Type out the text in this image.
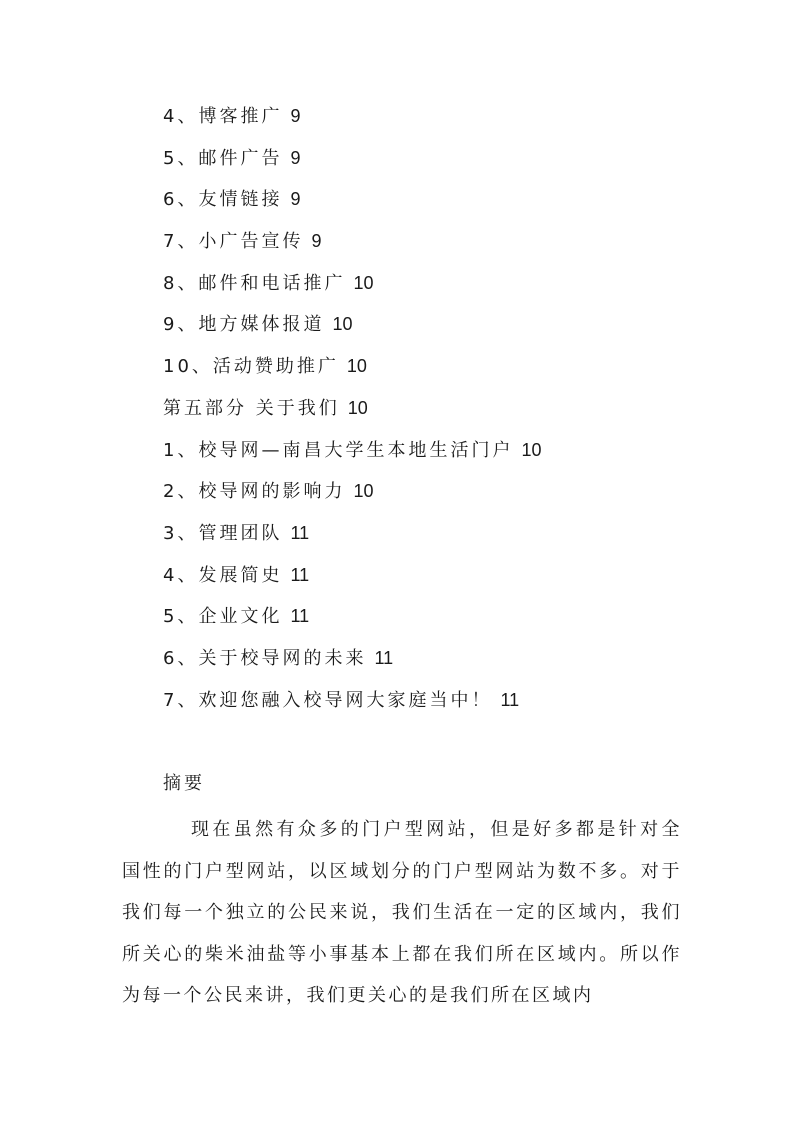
4、博客推广 9
5、邮件广告 9
6、友情链接 9
7、小广告宣传 9
8、邮件和电话推广 10
9、地方媒体报道 10
10、活动赞助推广 10
第五部分 关于我们 10
1、校导网—南昌大学生本地生活门户 10
2、校导网的影响力 10
3、管理团队 11
4、发展简史 11
5、企业文化 11
6、关于校导网的未来 11
7、欢迎您融入校导网大家庭当中！ 11
摘要

现在虽然有众多的门户型网站，但是好多都是针对全国性的门户型网站，以区域划分的门户型网站为数不多。对于我们每一个独立的公民来说，我们生活在一定的区域内，我们所关心的柴米油盐等小事基本上都在我们所在区域内。所以作为每一个公民来讲，我们更关心的是我们所在区域内
